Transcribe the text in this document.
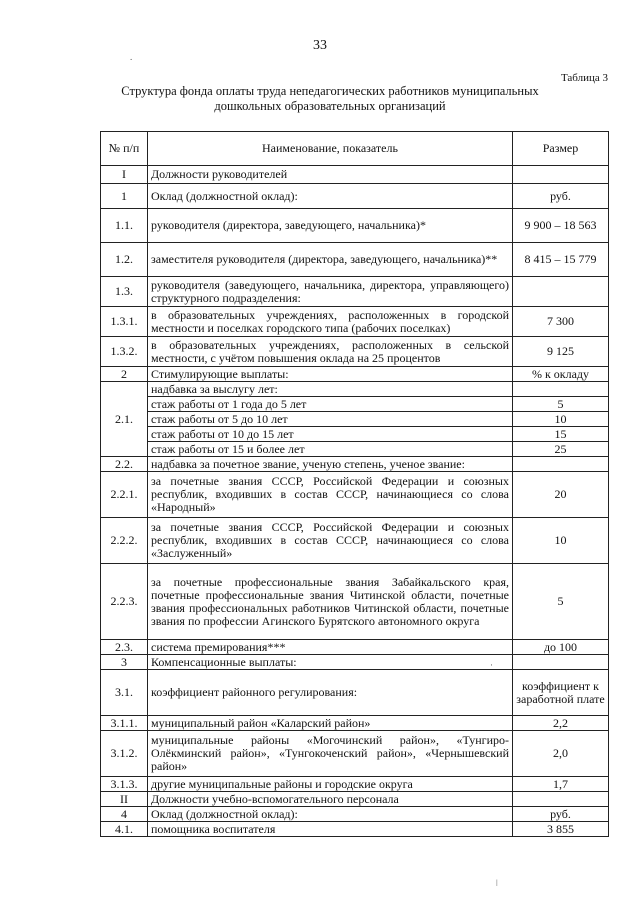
33
Таблица 3
Структура фонда оплаты труда непедагогических работников муниципальных дошкольных образовательных организаций
№ п/п	Наименование, показатель	Размер
I	Должности руководителей	
1	Оклад (должностной оклад):	руб.
1.1.	руководителя (директора, заведующего, начальника)*	9 900 – 18 563
1.2.	заместителя руководителя (директора, заведующего, начальника)**	8 415 – 15 779
1.3.	руководителя (заведующего, начальника, директора, управляющего) структурного подразделения:	
1.3.1.	в образовательных учреждениях, расположенных в городской местности и поселках городского типа (рабочих поселках)	7 300
1.3.2.	в образовательных учреждениях, расположенных в сельской местности, с учётом повышения оклада на 25 процентов	9 125
2	Стимулирующие выплаты:	% к окладу
2.1.	надбавка за выслугу лет:	
	стаж работы от 1 года до 5 лет	5
	стаж работы от 5 до 10 лет	10
	стаж работы от 10 до 15 лет	15
	стаж работы от 15 и более лет	25
2.2.	надбавка за почетное звание, ученую степень, ученое звание:	
2.2.1.	за почетные звания СССР, Российской Федерации и союзных республик, входивших в состав СССР, начинающиеся со слова «Народный»	20
2.2.2.	за почетные звания СССР, Российской Федерации и союзных республик, входивших в состав СССР, начинающиеся со слова «Заслуженный»	10
2.2.3.	за почетные профессиональные звания Забайкальского края, почетные профессиональные звания Читинской области, почетные звания профессиональных работников Читинской области, почетные звания по профессии Агинского Бурятского автономного округа	5
2.3.	система премирования***	до 100
3	Компенсационные выплаты:	
3.1.	коэффициент районного регулирования:	коэффициент к заработной плате
3.1.1.	муниципальный район «Каларский район»	2,2
3.1.2.	муниципальные районы «Могочинский район», «Тунгиро-Олёкминский район», «Тунгокоченский район», «Чернышевский район»	2,0
3.1.3.	другие муниципальные районы и городские округа	1,7
II	Должности учебно-вспомогательного персонала	
4	Оклад (должностной оклад):	руб.
4.1.	помощника воспитателя	3 855
.
·
ǀ
